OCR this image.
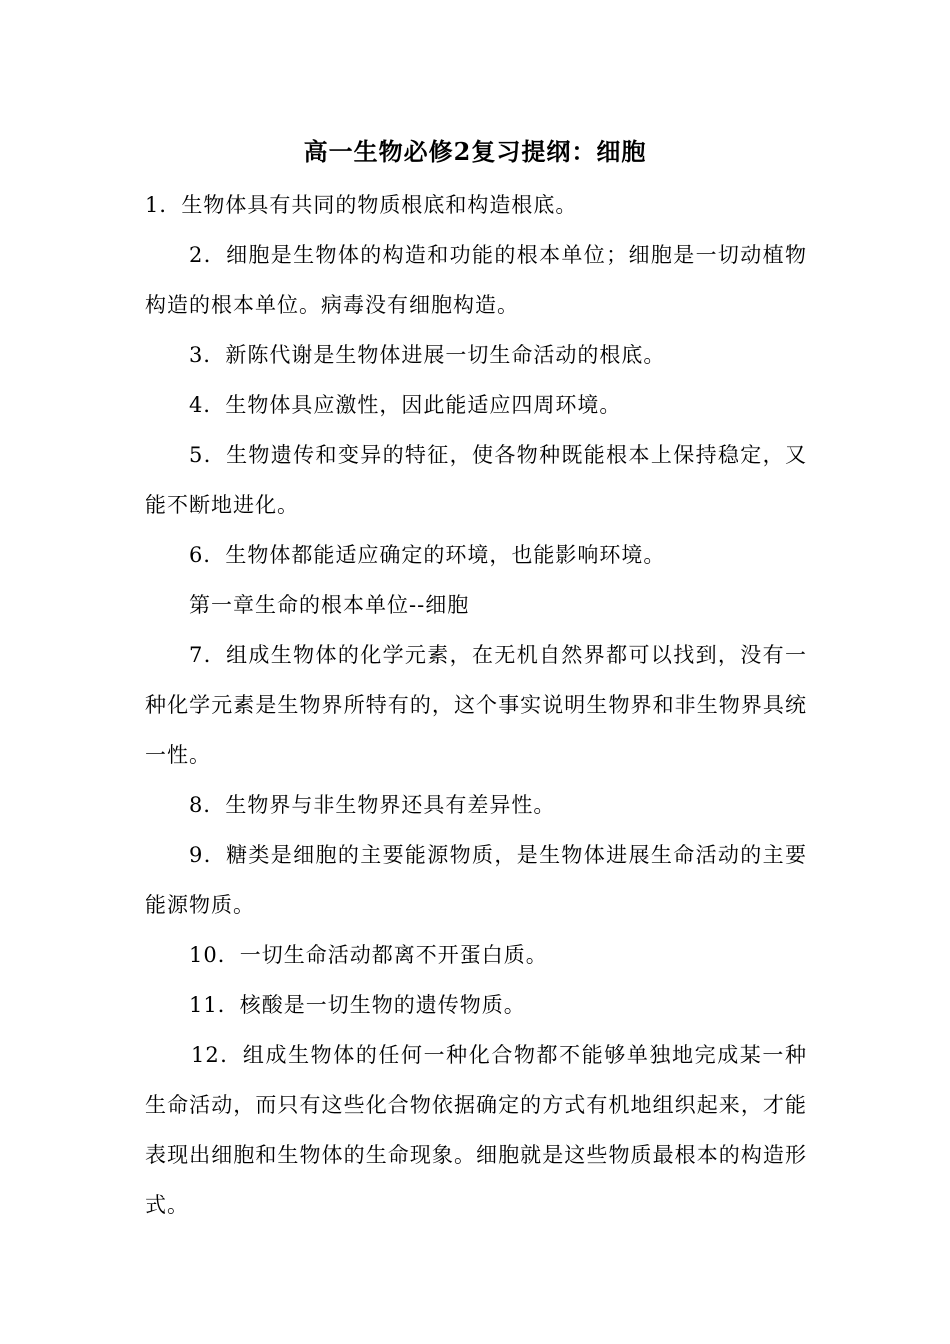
高一生物必修2复习提纲：细胞

1．生物体具有共同的物质根底和构造根底。

2．细胞是生物体的构造和功能的根本单位；细胞是一切动植物构造的根本单位。病毒没有细胞构造。

3．新陈代谢是生物体进展一切生命活动的根底。

4．生物体具应激性，因此能适应四周环境。

5．生物遗传和变异的特征，使各物种既能根本上保持稳定，又能不断地进化。

6．生物体都能适应确定的环境，也能影响环境。

第一章生命的根本单位--细胞

7．组成生物体的化学元素，在无机自然界都可以找到，没有一种化学元素是生物界所特有的，这个事实说明生物界和非生物界具统一性。

8．生物界与非生物界还具有差异性。

9．糖类是细胞的主要能源物质，是生物体进展生命活动的主要能源物质。

10．一切生命活动都离不开蛋白质。

11．核酸是一切生物的遗传物质。

12．组成生物体的任何一种化合物都不能够单独地完成某一种生命活动，而只有这些化合物依据确定的方式有机地组织起来，才能表现出细胞和生物体的生命现象。细胞就是这些物质最根本的构造形式。
